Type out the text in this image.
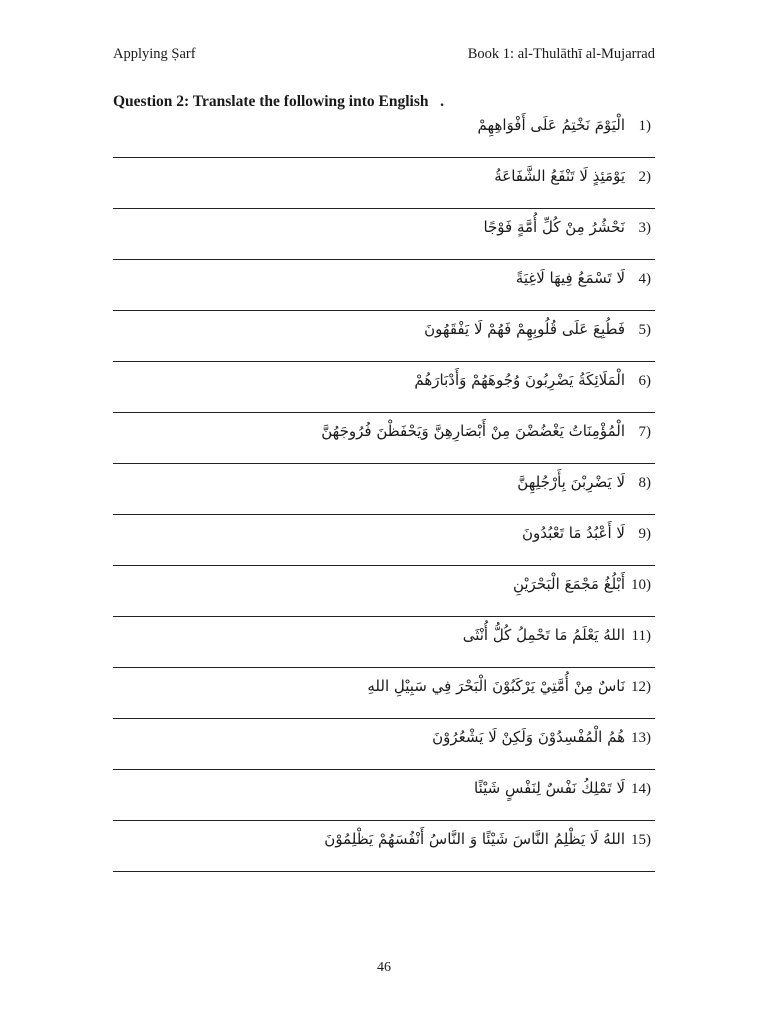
Applying Ṣarf	Book 1: al-Thulāthī al-Mujarrad
Question 2: Translate the following into English   .
1)
الْيَوْمَ نَخْتِمُ عَلَى أَفْوَاهِهِمْ
2)
يَوْمَئِذٍ لَا تَنْفَعُ الشَّفَاعَةُ
3)
نَحْشُرُ مِنْ كُلِّ أُمَّةٍ فَوْجًا
4)
لَا تَسْمَعُ فِيهَا لَاغِيَةً
5)
فَطُبِعَ عَلَى قُلُوبِهِمْ فَهُمْ لَا يَفْقَهُونَ
6)
الْمَلَائِكَةُ يَضْرِبُونَ وُجُوهَهُمْ وَأَدْبَارَهُمْ
7)
الْمُؤْمِنَاتُ يَغْضُضْنَ مِنْ أَبْصَارِهِنَّ وَيَحْفَظْنَ فُرُوجَهُنَّ
8)
لَا يَضْرِبْنَ بِأَرْجُلِهِنَّ
9)
لَا أَعْبُدُ مَا تَعْبُدُونَ
10)
أَبْلُغُ مَجْمَعَ الْبَحْرَيْنِ
11)
اللهُ يَعْلَمُ مَا تَحْمِلُ كُلُّ أُنْثَى
12)
نَاسٌ مِنْ أُمَّتِيْ يَرْكَبُوْنَ الْبَحْرَ فِي سَبِيْلِ اللهِ
13)
هُمُ الْمُفْسِدُوْنَ وَلَكِنْ لَا يَشْعُرُوْنَ
14)
لَا تَمْلِكُ نَفْسٌ لِنَفْسٍ شَيْئًا
15)
اللهُ لَا يَظْلِمُ النَّاسَ شَيْئًا وَ النَّاسُ أَنْفُسَهُمْ يَظْلِمُوْنَ
46
